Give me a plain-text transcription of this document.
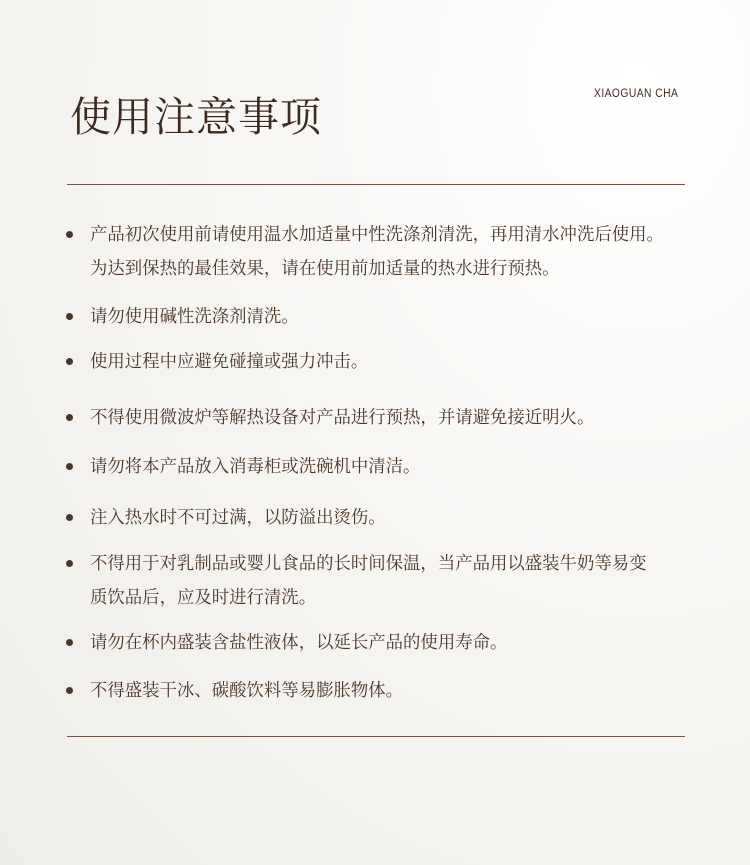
使用注意事项	XIAOGUAN CHA
产品初次使用前请使用温水加适量中性洗涤剂清洗，再用清水冲洗后使用。
为达到保热的最佳效果，请在使用前加适量的热水进行预热。
请勿使用碱性洗涤剂清洗。
使用过程中应避免碰撞或强力冲击。
不得使用微波炉等解热设备对产品进行预热，并请避免接近明火。
请勿将本产品放入消毒柜或洗碗机中清洁。
注入热水时不可过满，以防溢出烫伤。
不得用于对乳制品或婴儿食品的长时间保温，当产品用以盛装牛奶等易变
质饮品后，应及时进行清洗。
请勿在杯内盛装含盐性液体，以延长产品的使用寿命。
不得盛装干冰、碳酸饮料等易膨胀物体。
